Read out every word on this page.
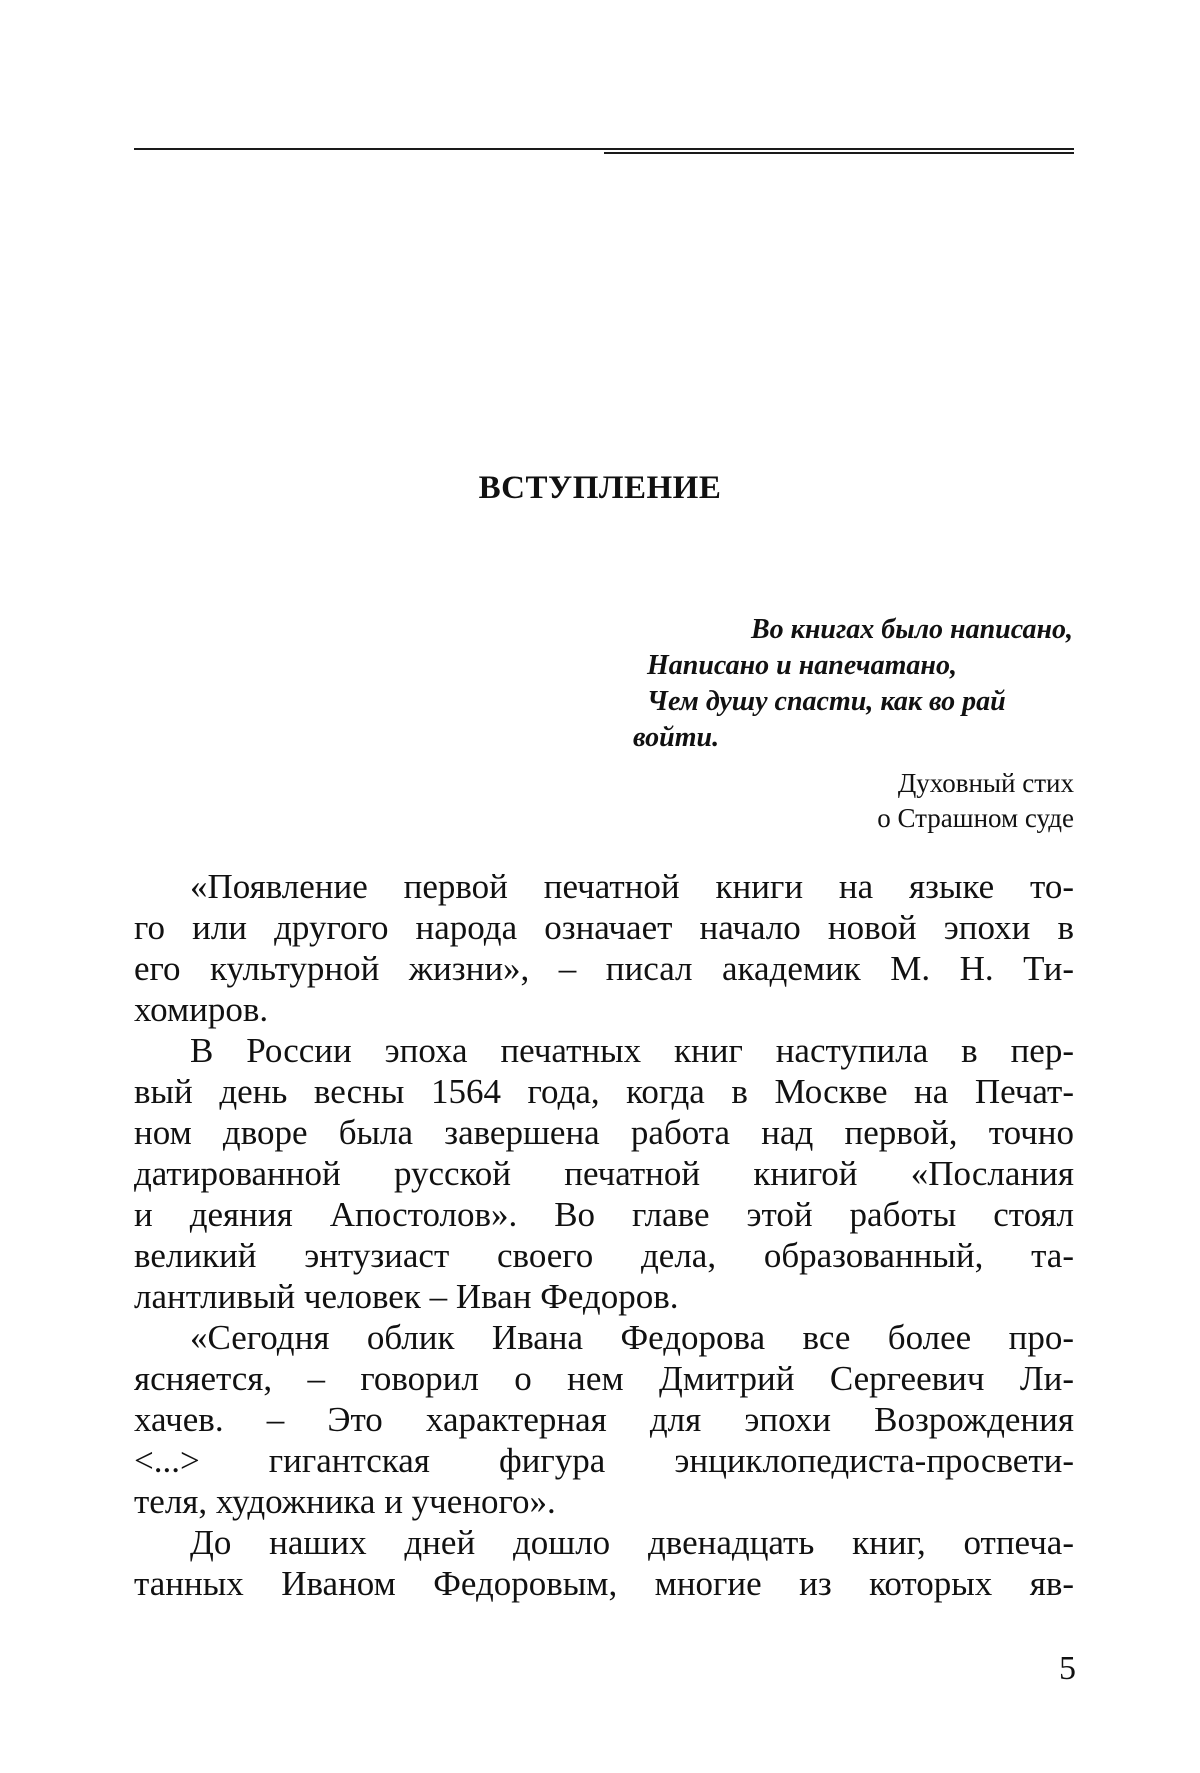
ВСТУПЛЕНИЕ
Во книгах было написано,
Написано и напечатано,
Чем душу спасти, как во рай
войти.
Духовный стих
о Страшном суде
«Появление первой печатной книги на языке то-
го или другого народа означает начало новой эпохи в
его культурной жизни», – писал академик М. Н. Ти-
хомиров.
В России эпоха печатных книг наступила в пер-
вый день весны 1564 года, когда в Москве на Печат-
ном дворе была завершена работа над первой, точно
датированной русской печатной книгой «Послания
и деяния Апостолов». Во главе этой работы стоял
великий энтузиаст своего дела, образованный, та-
лантливый человек – Иван Федоров.
«Сегодня облик Ивана Федорова все более про-
ясняется, – говорил о нем Дмитрий Сергеевич Ли-
хачев. – Это характерная для эпохи Возрождения
<...> гигантская фигура энциклопедиста-просвети-
теля, художника и ученого».
До наших дней дошло двенадцать книг, отпеча-
танных Иваном Федоровым, многие из которых яв-
5
